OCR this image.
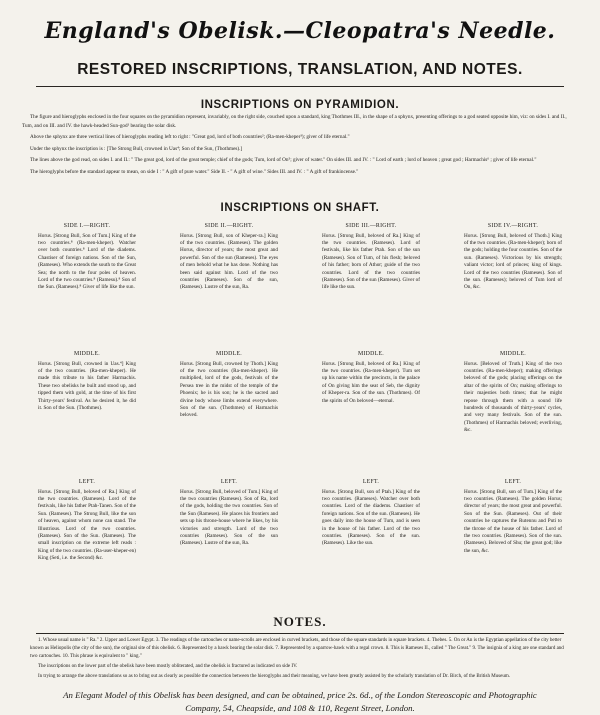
England's Obelisk.—Cleopatra's Needle.
RESTORED INSCRIPTIONS, TRANSLATION, AND NOTES.
INSCRIPTIONS ON PYRAMIDION.

The figure and hieroglyphs enclosed in the four squares on the pyramidion represent, invariably, on the right side, couched upon a standard, king Thothmes III., in the shape of a sphynx, presenting offerings to a god seated opposite him, viz: on sides I. and II., Tum, and on III. and IV. the hawk-headed Sun-god¹ bearing the solar disk.

Above the sphynx are three vertical lines of hieroglyphs reading left to right : "Great god, lord of both countries²; (Ra-men-kheper³); giver of life eternal."

Under the sphynx the inscription is : [The Strong Bull, crowned in Uas⁴; Son of the Sun, (Thothmes).]

The lines above the god read, on sides I. and II.: " The great god, lord of the great temple; chief of the gods; Tum, lord of On⁵; giver of water." On sides III. and IV. : " Lord of earth ; lord of heaven ; great god ; Harmachis⁶ ; giver of life eternal."

The hieroglyphs before the standard appear to mean, on side I : " A gift of pure water." Side II. - " A gift of wine." Sides III. and IV. : " A gift of frankincense."

INSCRIPTIONS ON SHAFT.
SIDE I.—RIGHT.
Horus. [Strong Bull, Son of Tum.] King of the two countries.⁸ (Ra-men-kheper). Watcher over both countries.⁸ Lord of the diadems. Chastiser of foreign nations. Son of the Sun, (Rameses). Who extends the south to the Great Sea; the north to the four poles of heaven. Lord of the two countries.⁸ (Ramesu).⁸ Son of the Sun. (Rameses).⁸ Giver of life like the sun.
MIDDLE.
Horus. [Strong Bull, crowned in Uas.⁴] King of the two countries. (Ra-men-kheper). He made this tribute to his father Harmachis. These two obelisks he built and stood up, and tipped them with gold, at the time of his first Thirty-years' festival. As he desired it, he did it. Son of the Sun. (Thothmes).
LEFT.
Horus. [Strong Bull, beloved of Ra.] King of the two countries. (Rameses). Lord of the festivals, like his father Ptah-Tanen. Son of the Sun. (Rameses). The Strong Bull, like the son of heaven, against whom none can stand. The Illustrious. Lord of the two countries. (Rameses). Son of the Sun. (Rameses). The small inscription on the extreme left reads : King of the two countries. (Ra-user-kheper-en) King (Seti, i.e. the Second) &c.
SIDE II.—RIGHT.
Horus. [Strong Bull, son of Kheper-ra.] King of the two countries. (Rameses). The golden Horus, director of years; the most great and powerful. Son of the sun (Rameses). The eyes of men behold what he has done. Nothing has been said against him. Lord of the two countries (Rameses). Son of the sun, (Rameses). Lustre of the sun, Ra.
MIDDLE.
Horus. [Strong Bull, crowned by Thoth.] King of the two countries (Ra-men-kheper). He multiplied, lord of the gods, festivals of the Persea tree in the midst of the temple of the Phoenix; he is his son; he is the sacred and divine body whose limbs extend everywhere. Son of the sun. (Thothmes) of Harmachis beloved.
LEFT.
Horus. [Strong Bull, beloved of Tum.] King of the two countries (Rameses). Son of Ra, lord of the gods, holding the two countries. Son of the Sun (Rameses). He places his frontiers and sets up his throne-house where he likes, by his victories and strength. Lord of the two countries (Rameses). Son of the sun (Rameses). Lustre of the sun, Ra.
SIDE III.—RIGHT.
Horus. [Strong Bull, beloved of Ra.] King of the two countries. (Rameses). Lord of festivals, like his father Ptah. Son of the sun (Rameses). Son of Tum, of his flesh; beloved of his father; born of Athor; guide of the two countries. Lord of the two countries (Rameses). Son of the sun (Rameses). Giver of life like the sun.
MIDDLE.
Horus. [Strong Bull, beloved of Ra.] King of the two countries. (Ra-men-kheper). Tum set up his name within the precincts, in the palace of On giving him the seat of Seb, the dignity of Kheper-ra. Son of the sun. (Thothmes). Of the spirits of On beloved—eternal.
LEFT.
Horus. [Strong Bull, son of Ptah.] King of the two countries. (Rameses). Watcher over both countries. Lord of the diadems. Chastiser of foreign nations. Son of the sun. (Rameses). He goes daily into the house of Tum, and is seen in the house of his father. Lord of the two countries. (Rameses). Son of the sun. (Rameses). Like the sun.
SIDE IV.—RIGHT.
Horus. [Strong Bull, beloved of Thoth.] King of the two countries. (Ra-men-kheper); born of the gods; holding the four countries. Son of the sun. (Rameses). Victorious by his strength; valiant victor; lord of princes; king of kings. Lord of the two countries (Rameses). Son of the sun. (Rameses); beloved of Tum lord of On, &c.
MIDDLE.
Horus. [Beloved of Truth.] King of the two countries. (Ra-men-kheper); making offerings beloved of the gods; placing offerings on the altar of the spirits of On; making offerings to their majesties both times; that he might repose through them with a sound life hundreds of thousands of thirty-years' cycles, and very many festivals. Son of the sun. (Thothmes) of Harmachis beloved; everliving, &c.
LEFT.
Horus. [Strong Bull, son of Tum.] King of the two countries. (Rameses). The golden Horus; director of years; the most great and powerful. Son of the Sun. (Rameses). Out of their countries he captures the Rutennu and Puti to the throne of the house of his father. Lord of the two countries. (Rameses). Son of the sun. (Rameses). Beloved of Shu; the great god; like the sun, &c.
NOTES.

1. Whose usual name is " Ra." 2. Upper and Lower Egypt. 3. The readings of the cartouches or name-scrolls are enclosed in curved brackets, and those of the square standards in square brackets. 4. Thebes. 5. On or An is the Egyptian appellation of the city better known as Heliopolis (the city of the sun), the original site of this obelisk. 6. Represented by a hawk bearing the solar disk. 7. Represented by a sparrow-hawk with a regal crown. 8. This is Rameses II., called " The Great." 9. The insignia of a king are one standard and two cartouches. 10. This phrase is equivalent to " king."

The inscriptions on the lower part of the obelisk have been mostly obliterated, and the obelisk is fractured as indicated on side IV.

In trying to arrange the above translations so as to bring out as clearly as possible the connection between the hieroglyphs and their meaning, we have been greatly assisted by the scholarly translation of Dr. Birch, of the British Museum.

An Elegant Model of this Obelisk has been designed, and can be obtained, price 2s. 6d., of the London Stereoscopic and Photographic Company, 54, Cheapside, and 108 & 110, Regent Street, London.
